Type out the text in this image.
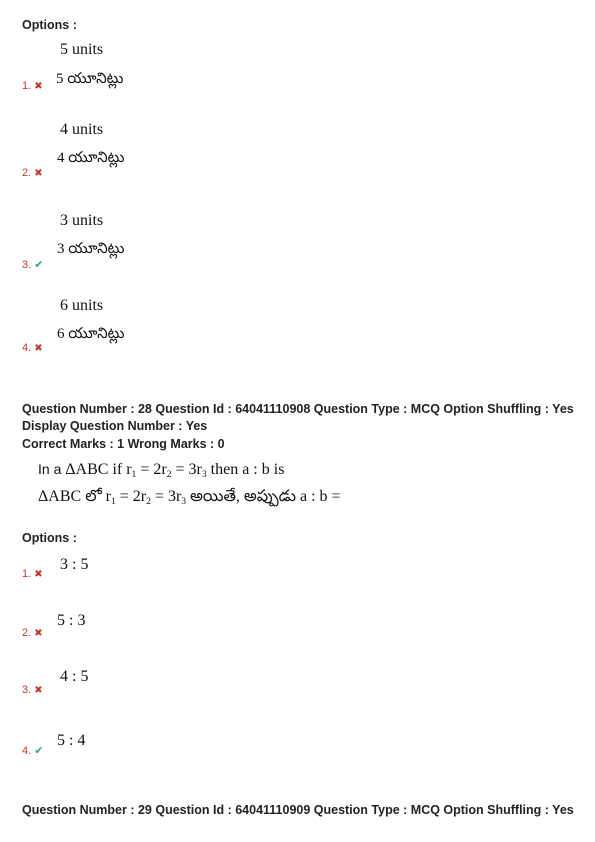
Options :
5 units
5 యూనిట్లు
1. ✖
4 units
4 యూనిట్లు
2. ✖
3 units
3 యూనిట్లు
3. ✔
6 units
6 యూనిట్లు
4. ✖
Question Number : 28 Question Id : 64041110908 Question Type : MCQ Option Shuffling : Yes
Display Question Number : Yes
Correct Marks : 1 Wrong Marks : 0
In a ΔABC if r1 = 2r2 = 3r3 then a : b is
ΔABC లో r1 = 2r2 = 3r3 అయితే, అప్పుడు a : b =
Options :
3 : 5
1. ✖
5 : 3
2. ✖
4 : 5
3. ✖
5 : 4
4. ✔
Question Number : 29 Question Id : 64041110909 Question Type : MCQ Option Shuffling : Yes
